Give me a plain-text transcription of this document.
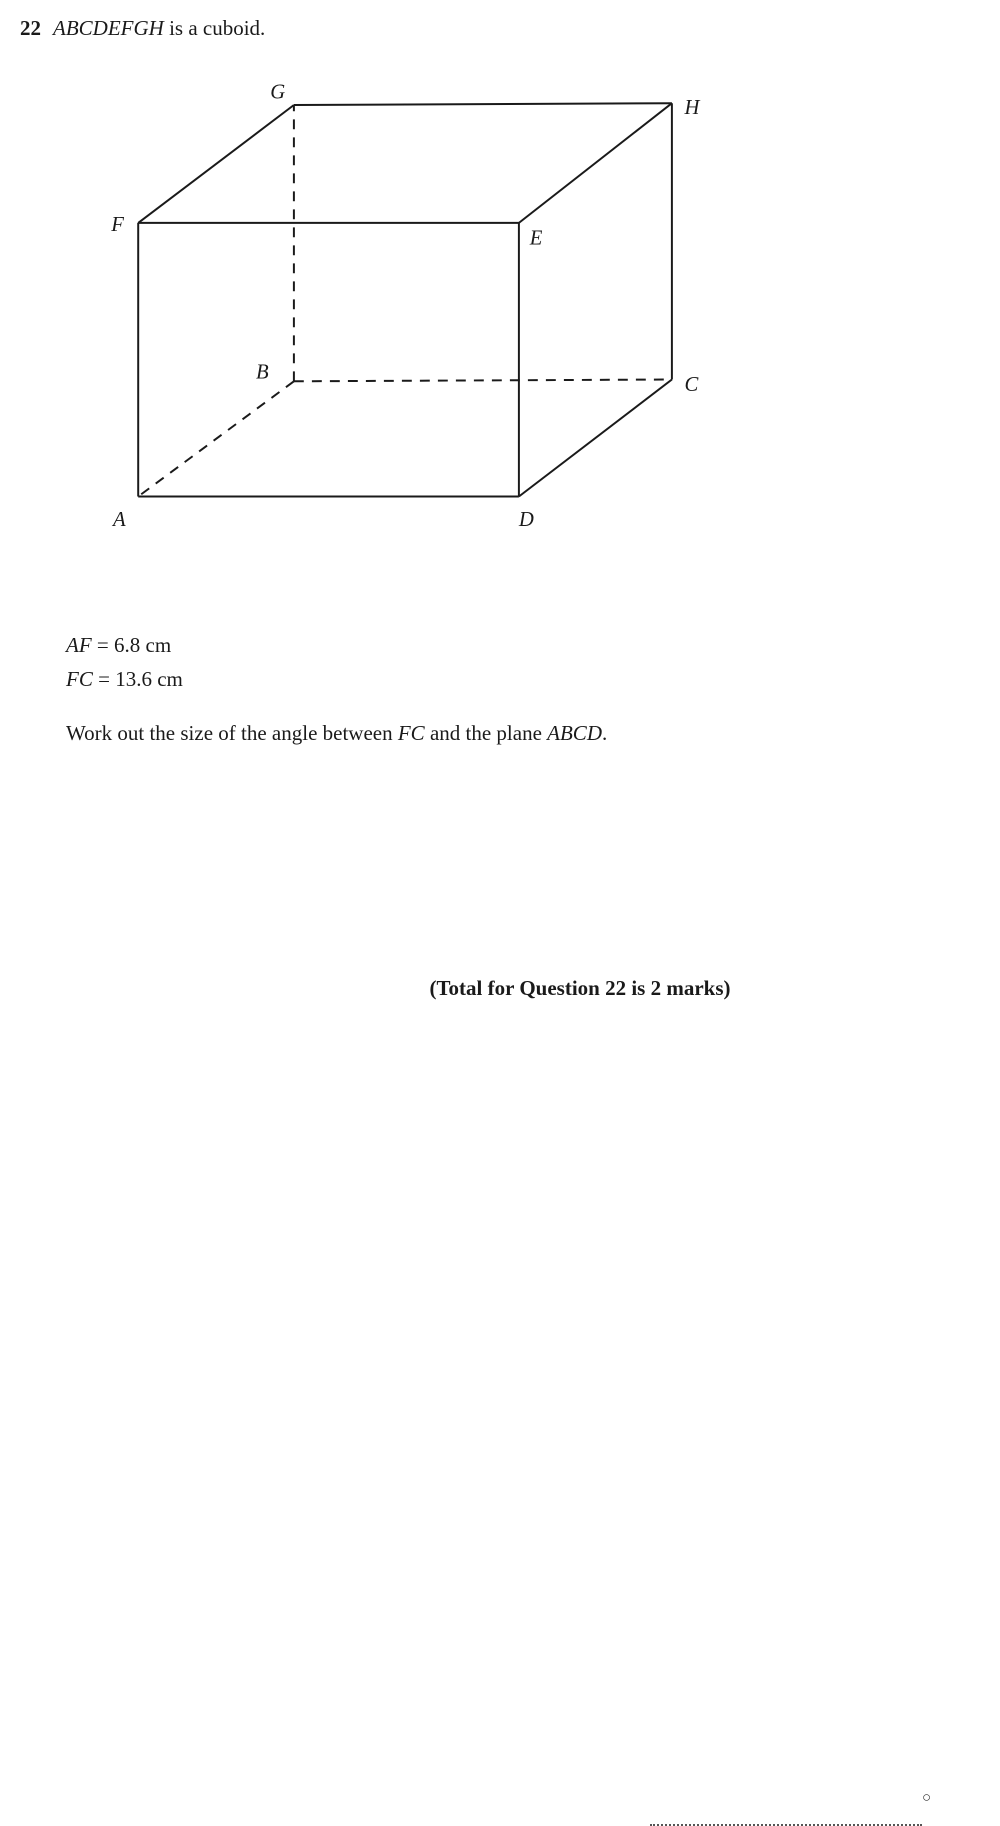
22 ABCDEFGH is a cuboid.
G
H
F
E
B
C
A	D
AF = 6.8 cm
FC = 13.6 cm
Work out the size of the angle between FC and the plane ABCD.
○
(Total for Question 22 is 2 marks)
